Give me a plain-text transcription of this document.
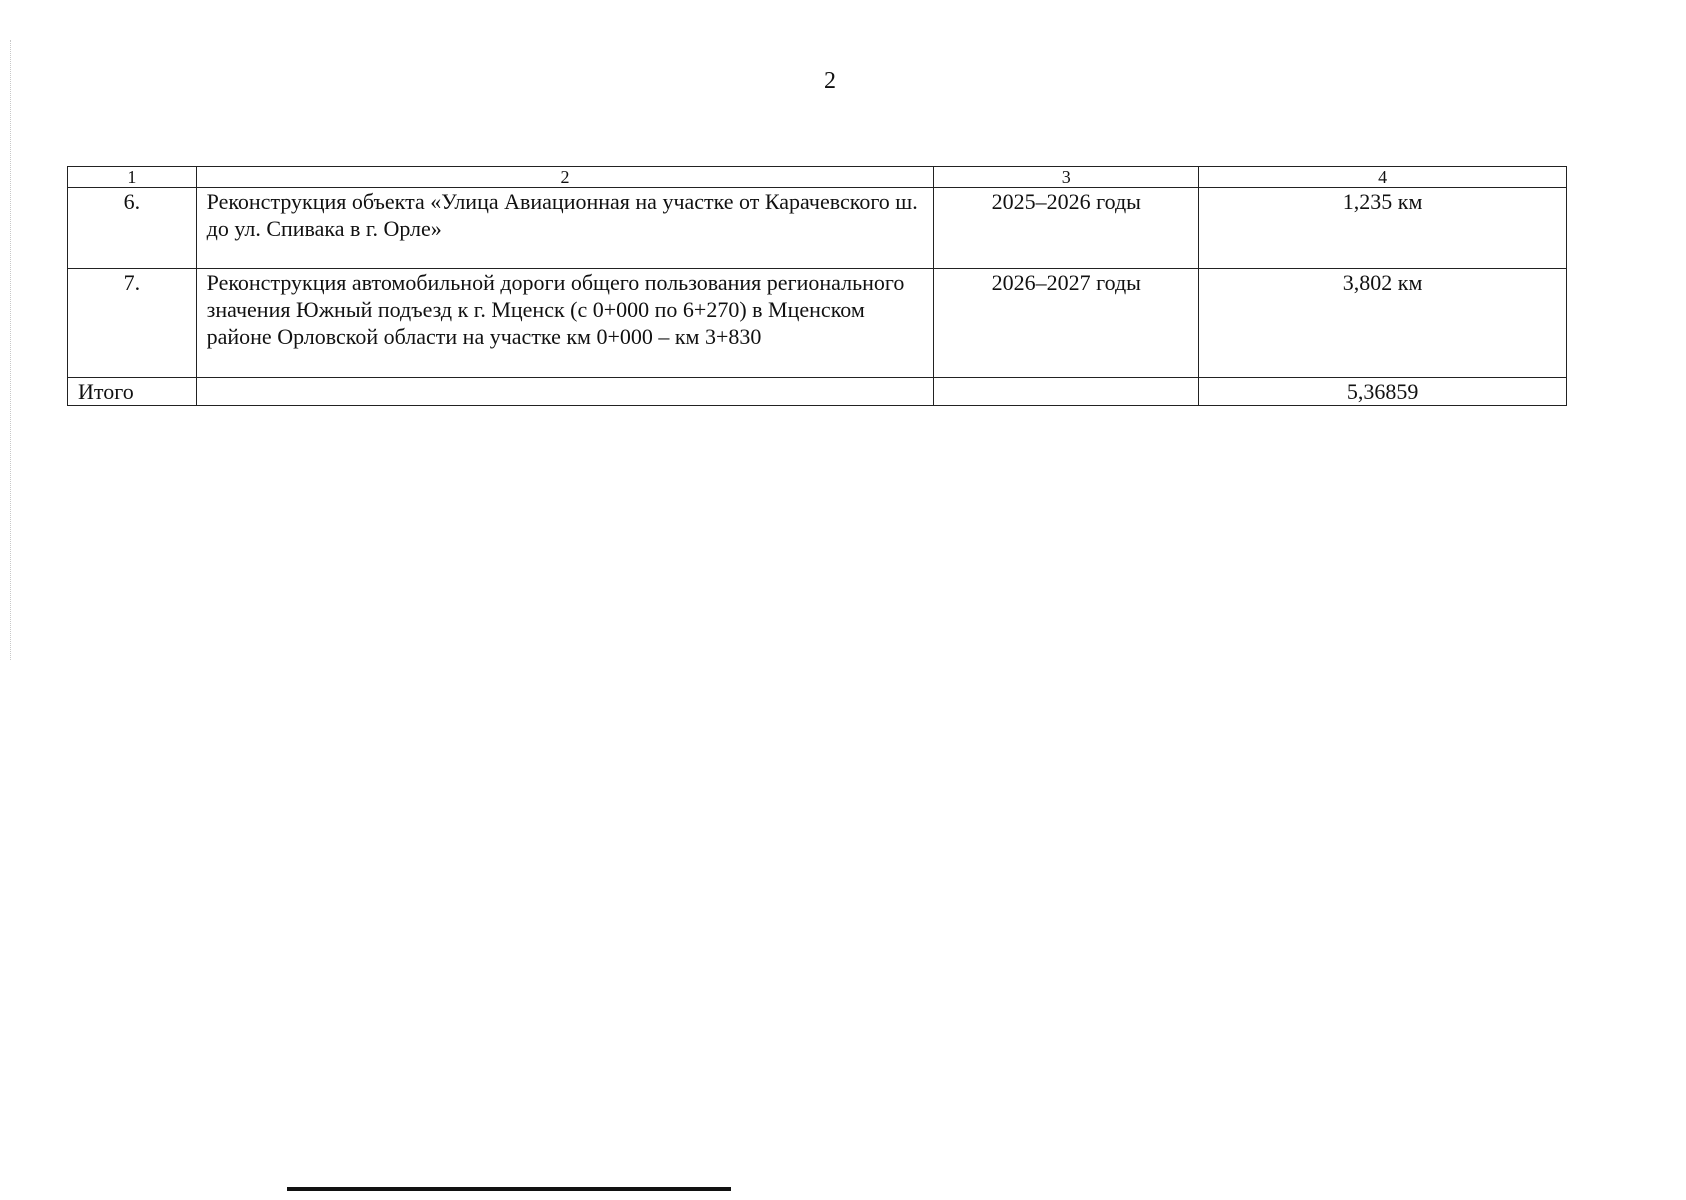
2
1	2	3	4
6.	Реконструкция объекта «Улица Авиационная на участке от Карачевского ш. до ул. Спивака в г. Орле»	2025–2026 годы	1,235 км
7.	Реконструкция автомобильной дороги общего пользования регионального значения Южный подъезд к г. Мценск (с 0+000 по 6+270) в Мценском районе Орловской области на участке км 0+000 – км 3+830	2026–2027 годы	3,802 км
Итого			5,36859
